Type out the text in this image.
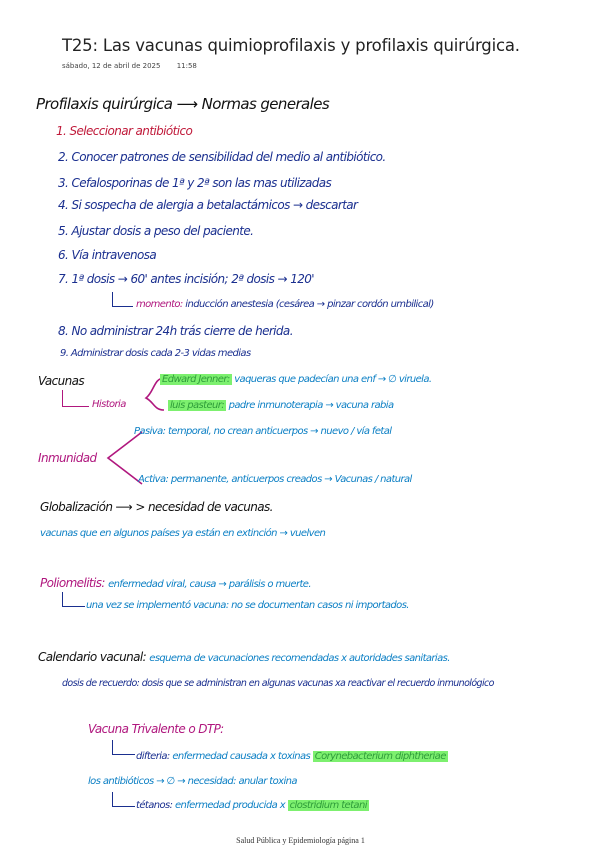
T25: Las vacunas quimioprofilaxis y profilaxis quirúrgica.
sábado, 12 de abril de 2025 11:58
Profilaxis quirúrgica ⟶ Normas generales
1. Seleccionar antibiótico
2. Conocer patrones de sensibilidad del medio al antibiótico.
3. Cefalosporinas de 1ª y 2ª son las mas utilizadas
4. Si sospecha de alergia a betalactámicos → descartar
5. Ajustar dosis a peso del paciente.
6. Vía intravenosa
7. 1ª dosis → 60' antes incisión; 2ª dosis → 120'
momento: inducción anestesia (cesárea → pinzar cordón umbilical)
8. No administrar 24h trás cierre de herida.
9. Administrar dosis cada 2-3 vidas medias
Vacunas
Historia
Edward Jenner: vaqueras que padecían una enf → ∅ viruela.
luis pasteur: padre inmunoterapia → vacuna rabia
Inmunidad
Pasiva: temporal, no crean anticuerpos → nuevo / vía fetal
Activa: permanente, anticuerpos creados → Vacunas / natural
Globalización ⟶ > necesidad de vacunas.
vacunas que en algunos países ya están en extinción → vuelven
Poliomelitis: enfermedad viral, causa → parálisis o muerte.
una vez se implementó vacuna: no se documentan casos ni importados.
Calendario vacunal: esquema de vacunaciones recomendadas x autoridades sanitarias.
dosis de recuerdo: dosis que se administran en algunas vacunas xa reactivar el recuerdo inmunológico
Vacuna Trivalente o DTP:
difteria: enfermedad causada x toxinas Corynebacterium diphtheriae
los antibióticos → ∅ → necesidad: anular toxina
tétanos: enfermedad producida x clostridium tetani
Salud Pública y Epidemiología página 1
